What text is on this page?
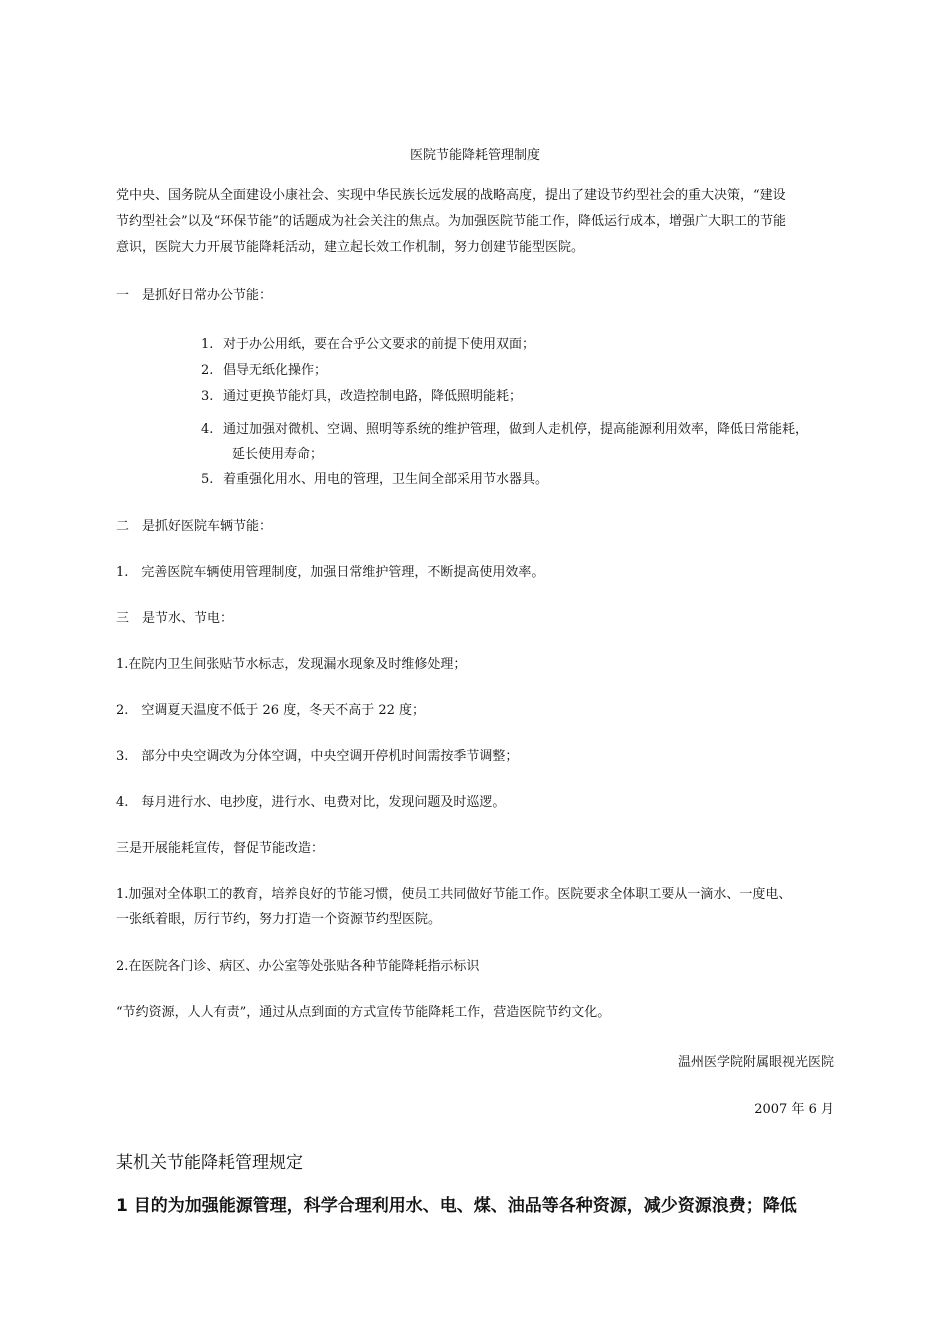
医院节能降耗管理制度
党中央、国务院从全面建设小康社会、实现中华民族长远发展的战略高度，提出了建设节约型社会的重大决策，“建设
节约型社会”以及“环保节能”的话题成为社会关注的焦点。为加强医院节能工作，降低运行成本，增强广大职工的节能
意识，医院大力开展节能降耗活动，建立起长效工作机制，努力创建节能型医院。
一　是抓好日常办公节能：
1. 对于办公用纸，要在合乎公文要求的前提下使用双面；
2. 倡导无纸化操作；
3. 通过更换节能灯具，改造控制电路，降低照明能耗；
4. 通过加强对微机、空调、照明等系统的维护管理，做到人走机停，提高能源利用效率，降低日常能耗，
延长使用寿命；
5. 着重强化用水、用电的管理，卫生间全部采用节水器具。
二　是抓好医院车辆节能：
1.　完善医院车辆使用管理制度，加强日常维护管理，不断提高使用效率。
三　是节水、节电：
1.在院内卫生间张贴节水标志，发现漏水现象及时维修处理；
2.　空调夏天温度不低于 26 度，冬天不高于 22 度；
3.　部分中央空调改为分体空调，中央空调开停机时间需按季节调整；
4.　每月进行水、电抄度，进行水、电费对比，发现问题及时巡逻。
三是开展能耗宣传，督促节能改造：
1.加强对全体职工的教育，培养良好的节能习惯，使员工共同做好节能工作。医院要求全体职工要从一滴水、一度电、
一张纸着眼，厉行节约，努力打造一个资源节约型医院。
2.在医院各门诊、病区、办公室等处张贴各种节能降耗指示标识
“节约资源，人人有责”，通过从点到面的方式宣传节能降耗工作，营造医院节约文化。
温州医学院附属眼视光医院
2007 年 6 月
某机关节能降耗管理规定
1 目的为加强能源管理，科学合理利用水、电、煤、油品等各种资源，减少资源浪费；降低
